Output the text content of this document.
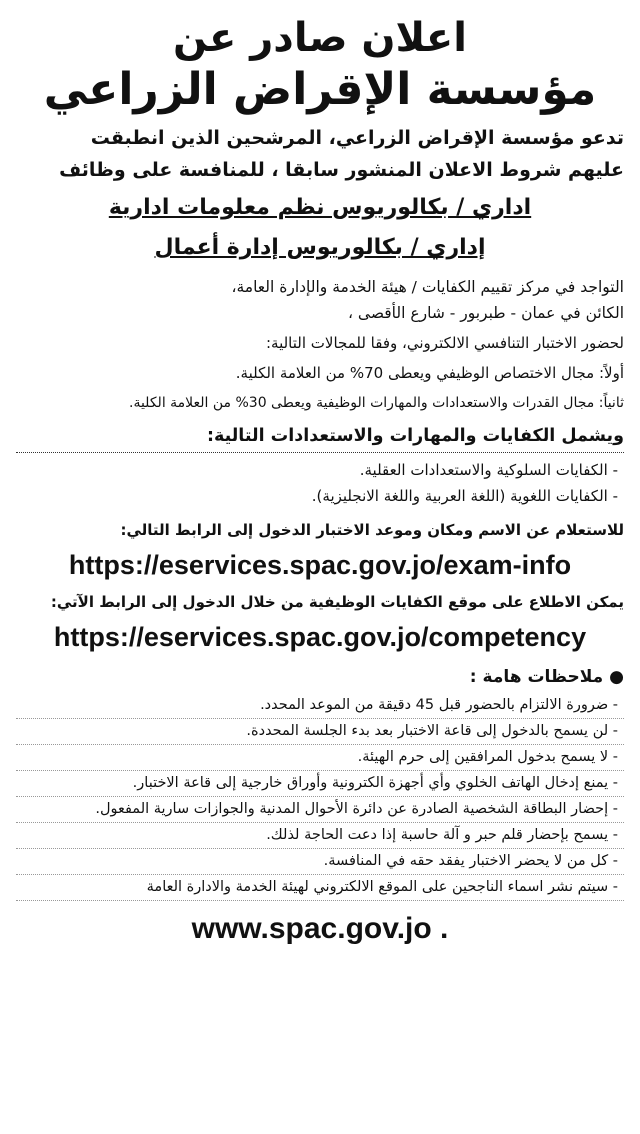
اعلان صادر عن
مؤسسة الإقراض الزراعي

تدعو مؤسسة الإقراض الزراعي، المرشحين الذين انطبقت

عليهم شروط الاعلان المنشور سابقا ، للمنافسة على وظائف

اداري / بكالوريوس نظم معلومات ادارية

إداري / بكالوريوس إدارة أعمال

التواجد في مركز تقييم الكفايات / هيئة الخدمة والإدارة العامة،

الكائن في عمان - طبربور - شارع الأقصى ،

لحضور الاختبار التنافسي الالكتروني، وفقا للمجالات التالية:

أولاً: مجال الاختصاص الوظيفي ويعطى 70% من العلامة الكلية.

ثانياً: مجال القدرات والاستعدادات والمهارات الوظيفية ويعطى 30% من العلامة الكلية.

ويشمل الكفايات والمهارات والاستعدادات التالية:

- الكفايات السلوكية والاستعدادات العقلية.
- الكفايات اللغوية (اللغة العربية واللغة الانجليزية).

للاستعلام عن الاسم ومكان وموعد الاختبار الدخول إلى الرابط التالي:

https://eservices.spac.gov.jo/exam-info

يمكن الاطلاع على موقع الكفايات الوظيفية من خلال الدخول إلى الرابط الآتي:

https://eservices.spac.gov.jo/competency

●ملاحظات هامة :

- ضرورة الالتزام بالحضور قبل 45 دقيقة من الموعد المحدد.
- لن يسمح بالدخول إلى قاعة الاختبار بعد بدء الجلسة المحددة.
- لا يسمح بدخول المرافقين إلى حرم الهيئة.
- يمنع إدخال الهاتف الخلوي وأي أجهزة الكترونية وأوراق خارجية إلى قاعة الاختبار.
- إحضار البطاقة الشخصية الصادرة عن دائرة الأحوال المدنية والجوازات سارية المفعول.
- يسمح بإحضار قلم حبر و آلة حاسبة إذا دعت الحاجة لذلك.
- كل من لا يحضر الاختبار يفقد حقه في المنافسة.
- سيتم نشر اسماء الناجحين على الموقع الالكتروني لهيئة الخدمة والادارة العامة
www.spac.gov.jo .
